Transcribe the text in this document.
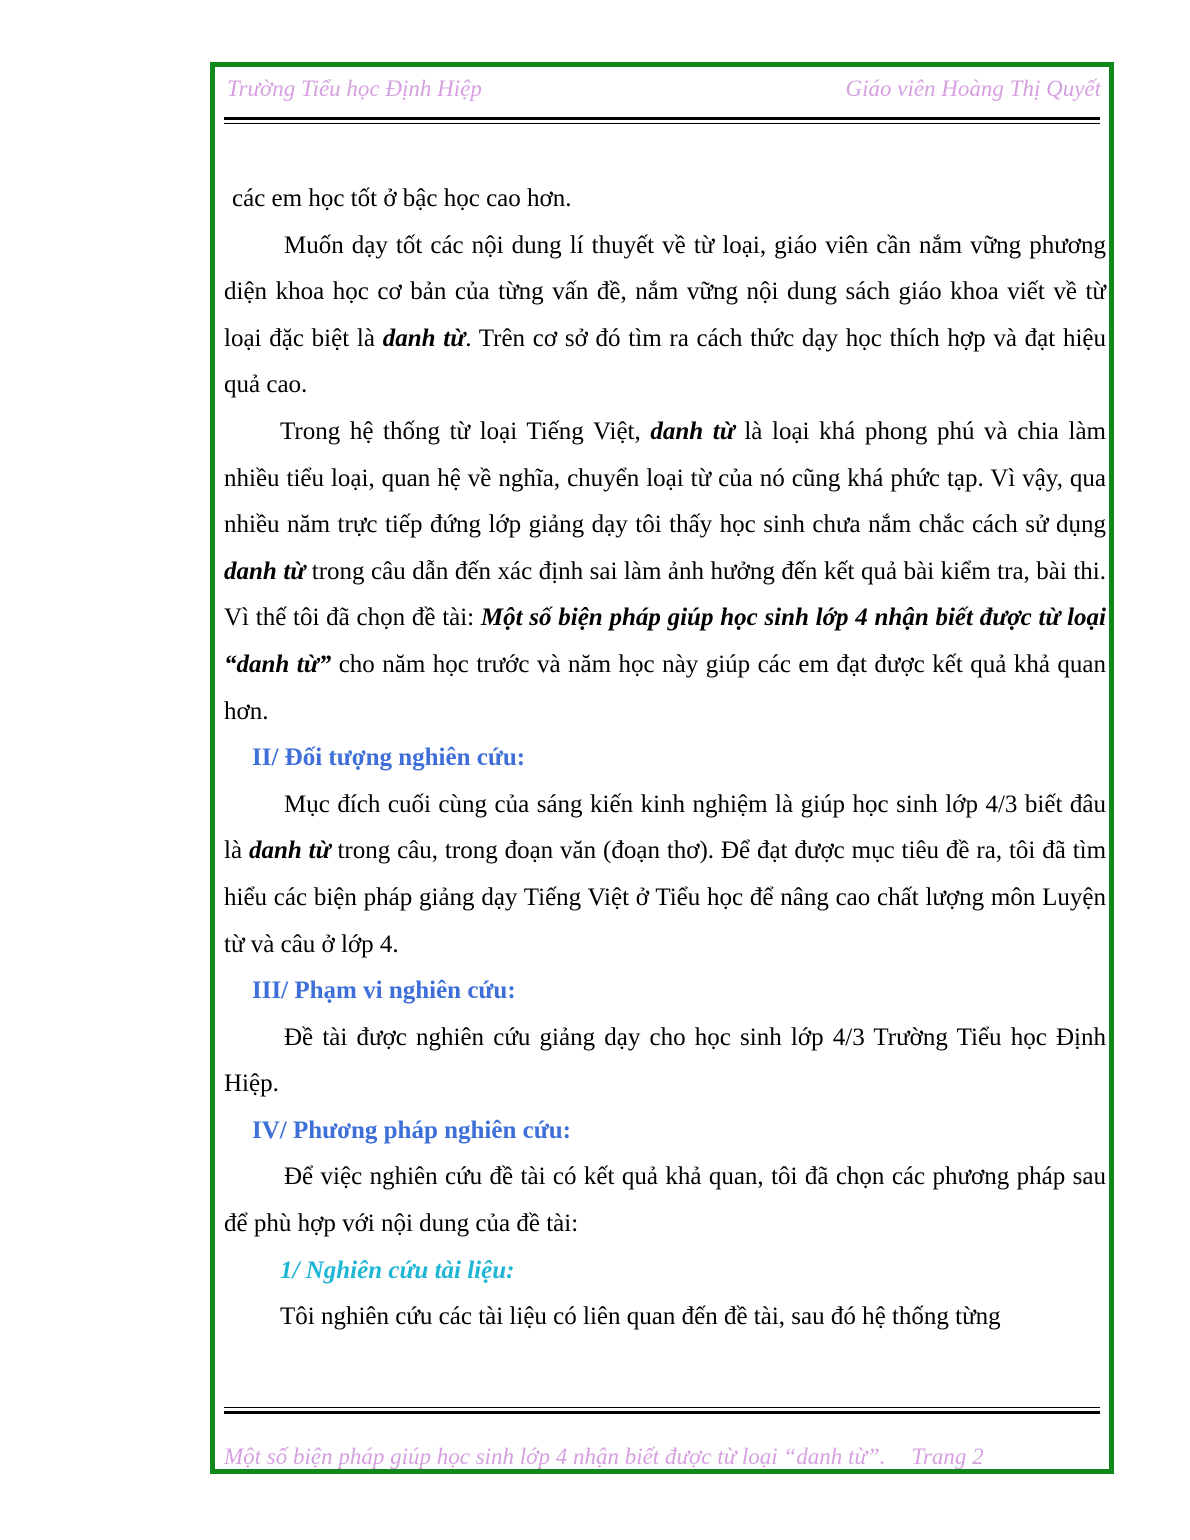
Trường Tiểu học Định Hiệp	Giáo viên Hoàng Thị Quyết

các em học tốt ở bậc học cao hơn.

Muốn dạy tốt các nội dung lí thuyết về từ loại, giáo viên cần nắm vững phương diện khoa học cơ bản của từng vấn đề, nắm vững nội dung sách giáo khoa viết về từ loại đặc biệt là danh từ. Trên cơ sở đó tìm ra cách thức dạy học thích hợp và đạt hiệu quả cao.

Trong hệ thống từ loại Tiếng Việt, danh từ là loại khá phong phú và chia làm nhiều tiểu loại, quan hệ về nghĩa, chuyển loại từ của nó cũng khá phức tạp. Vì vậy, qua nhiều năm trực tiếp đứng lớp giảng dạy tôi thấy học sinh chưa nắm chắc cách sử dụng danh từ trong câu dẫn đến xác định sai làm ảnh hưởng đến kết quả bài kiểm tra, bài thi. Vì thế tôi đã chọn đề tài: Một số biện pháp giúp học sinh lớp 4 nhận biết được từ loại “danh từ” cho năm học trước và năm học này giúp các em đạt được kết quả khả quan hơn.

II/ Đối tượng nghiên cứu:

Mục đích cuối cùng của sáng kiến kinh nghiệm là giúp học sinh lớp 4/3 biết đâu là danh từ trong câu, trong đoạn văn (đoạn thơ). Để đạt được mục tiêu đề ra, tôi đã tìm hiểu các biện pháp giảng dạy Tiếng Việt ở Tiểu học để nâng cao chất lượng môn Luyện từ và câu ở lớp 4.

III/ Phạm vi nghiên cứu:

Đề tài được nghiên cứu giảng dạy cho học sinh lớp 4/3 Trường Tiểu học Định Hiệp.

IV/ Phương pháp nghiên cứu:

Để việc nghiên cứu đề tài có kết quả khả quan, tôi đã chọn các phương pháp sau để phù hợp với nội dung của đề tài:

1/ Nghiên cứu tài liệu:

Tôi nghiên cứu các tài liệu có liên quan đến đề tài, sau đó hệ thống từng

Một số biện pháp giúp học sinh lớp 4 nhận biết được từ loại “danh từ”. Trang 2
